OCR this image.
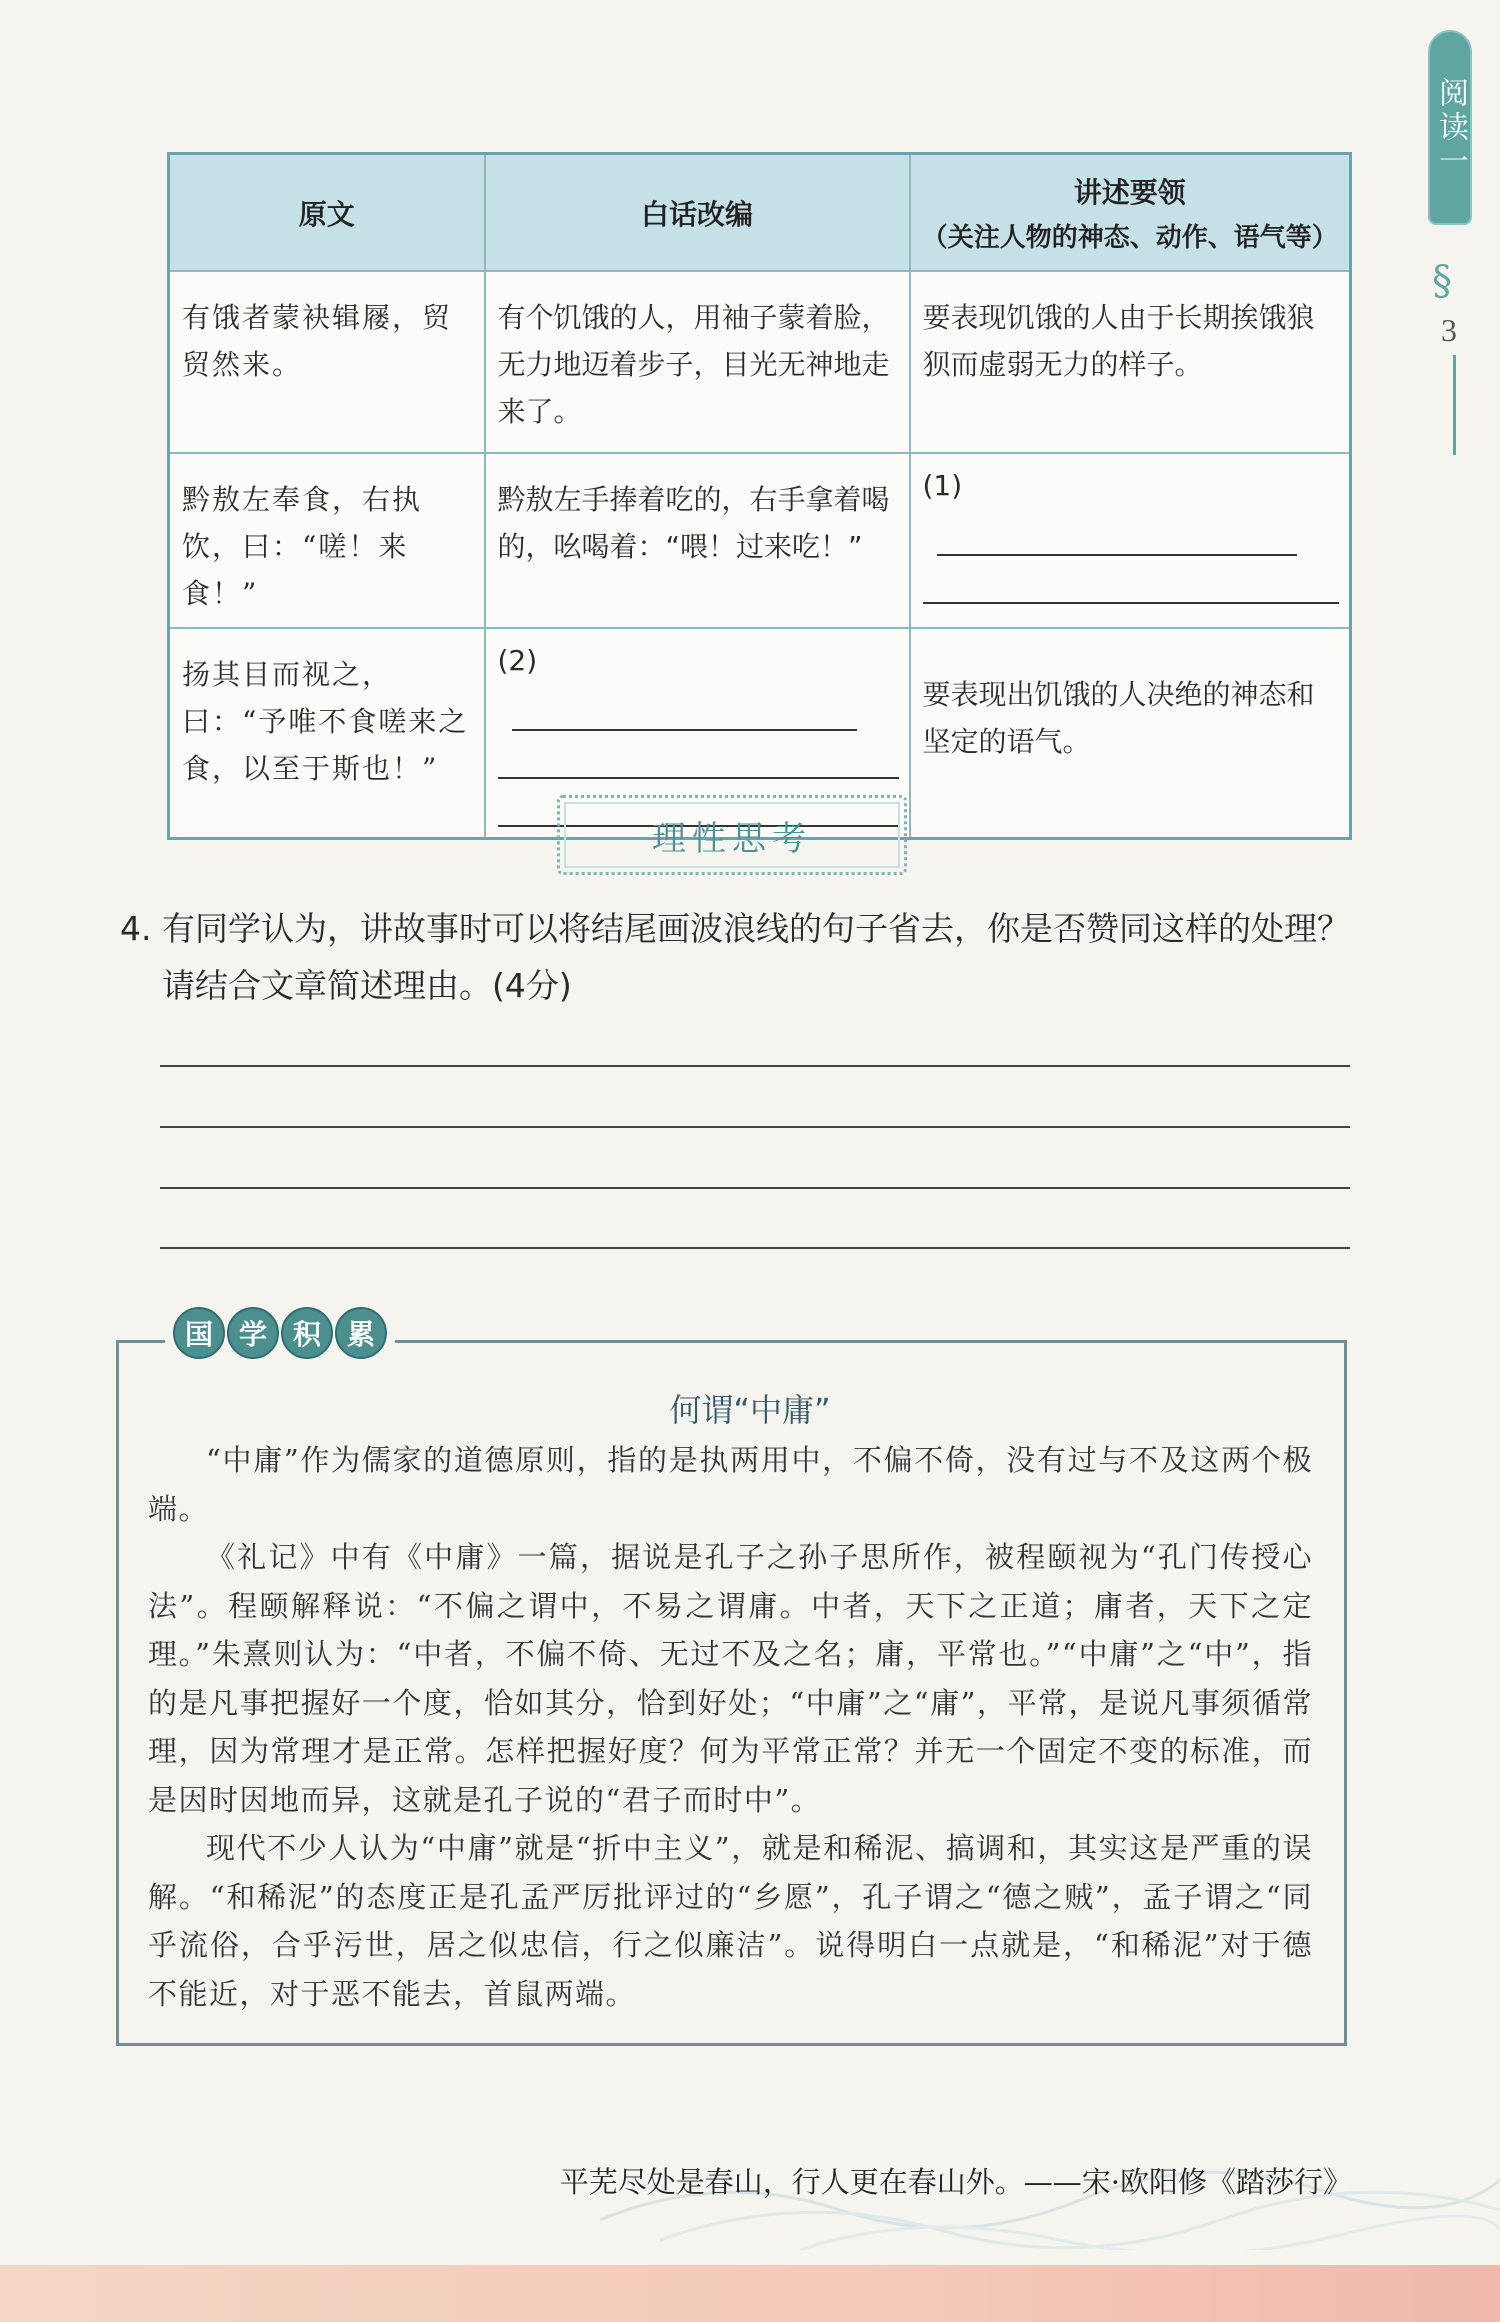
阅读一
§
3
原文	白话改编	讲述要领
（关注人物的神态、动作、语气等）

有饿者蒙袂辑屦，贸贸然来。	有个饥饿的人，用袖子蒙着脸，无力地迈着步子，目光无神地走来了。	要表现饥饿的人由于长期挨饿狼狈而虚弱无力的样子。
黔敖左奉食，右执饮，曰：“嗟！来食！”	黔敖左手捧着吃的，右手拿着喝的，吆喝着：“喂！过来吃！”	(1)

扬其目而视之，曰：“予唯不食嗟来之食，以至于斯也！”	(2)	要表现出饥饿的人决绝的神态和坚定的语气。
理性思考
4. 有同学认为，讲故事时可以将结尾画波浪线的句子省去，你是否赞同这样的处理？
请结合文章简述理由。(4分)
国 学 积 累
何谓“中庸”

“中庸”作为儒家的道德原则，指的是执两用中，不偏不倚，没有过与不及这两个极端。

《礼记》中有《中庸》一篇，据说是孔子之孙子思所作，被程颐视为“孔门传授心法”。程颐解释说：“不偏之谓中，不易之谓庸。中者，天下之正道；庸者，天下之定理。”朱熹则认为：“中者，不偏不倚、无过不及之名；庸，平常也。”“中庸”之“中”，指的是凡事把握好一个度，恰如其分，恰到好处；“中庸”之“庸”，平常，是说凡事须循常理，因为常理才是正常。怎样把握好度？何为平常正常？并无一个固定不变的标准，而是因时因地而异，这就是孔子说的“君子而时中”。

现代不少人认为“中庸”就是“折中主义”，就是和稀泥、搞调和，其实这是严重的误解。“和稀泥”的态度正是孔孟严厉批评过的“乡愿”，孔子谓之“德之贼”，孟子谓之“同乎流俗，合乎污世，居之似忠信，行之似廉洁”。说得明白一点就是，“和稀泥”对于德不能近，对于恶不能去，首鼠两端。

平芜尽处是春山，行人更在春山外。——宋·欧阳修《踏莎行》
